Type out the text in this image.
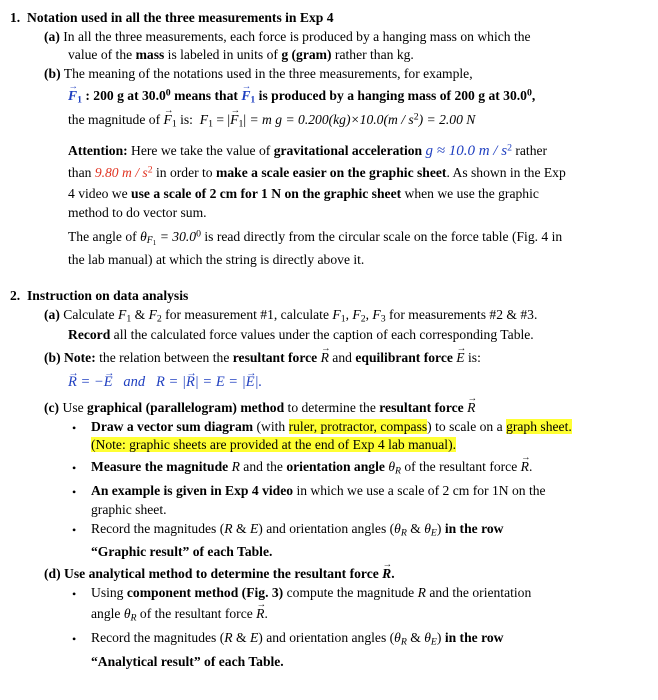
1. Notation used in all the three measurements in Exp 4
(a) In all the three measurements, each force is produced by a hanging mass on which the
value of the mass is labeled in units of g (gram) rather than kg.
(b) The meaning of the notations used in the three measurements, for example,
→ $F_1$ : 200 g at 30.0$^0$ means that → $F_1$ is produced by a hanging mass of 200 g at 30.0$^0$,
the magnitude of → $F_1$ is: $F_1$ = |→ $F_1| = m$ $g = 0.200(kg)\times 10.0(m / s^2) = 2.00$ N
Attention: Here we take the value of gravitational acceleration g ≈ 10.0 m / $s^2$ rather
than 9.80 m / $s^2$ in order to make a scale easier on the graphic sheet. As shown in the Exp
4 video we use a scale of 2 cm for 1 N on the graphic sheet when we use the graphic
method to do vector sum.
The angle of $\theta_{F_1} = 30.0^0$ is read directly from the circular scale on the force table (Fig. 4 in
the lab manual) at which the string is directly above it.
2. Instruction on data analysis
(a) Calculate $F_1$ & $F_2$ for measurement #1, calculate $F_1$, $F_2$, $F_3$ for measurements #2 & #3.
Record all the calculated force values under the caption of each corresponding Table.
(b) Note: the relation between the resultant force → R and equilibrant force → E is:
→ R = −→ E and   R = |→ R| = E = |→ E|.
(c) Use graphical (parallelogram) method to determine the resultant force → R
• Draw a vector sum diagram (with ruler, protractor, compass) to scale on a graph sheet.
(Note: graphic sheets are provided at the end of Exp 4 lab manual).
• Measure the magnitude R and the orientation angle $\theta_R$ of the resultant force → R.
• An example is given in Exp 4 video in which we use a scale of 2 cm for 1N on the
graphic sheet.
• Record the magnitudes (R & E) and orientation angles ($\theta_R$ & $\theta_E$) in the row
“Graphic result” of each Table.
(d) Use analytical method to determine the resultant force → R.
• Using component method (Fig. 3) compute the magnitude R and the orientation
angle $\theta_R$ of the resultant force → R.
• Record the magnitudes (R & E) and orientation angles ($\theta_R$ & $\theta_E$) in the row
“Analytical result” of each Table.
